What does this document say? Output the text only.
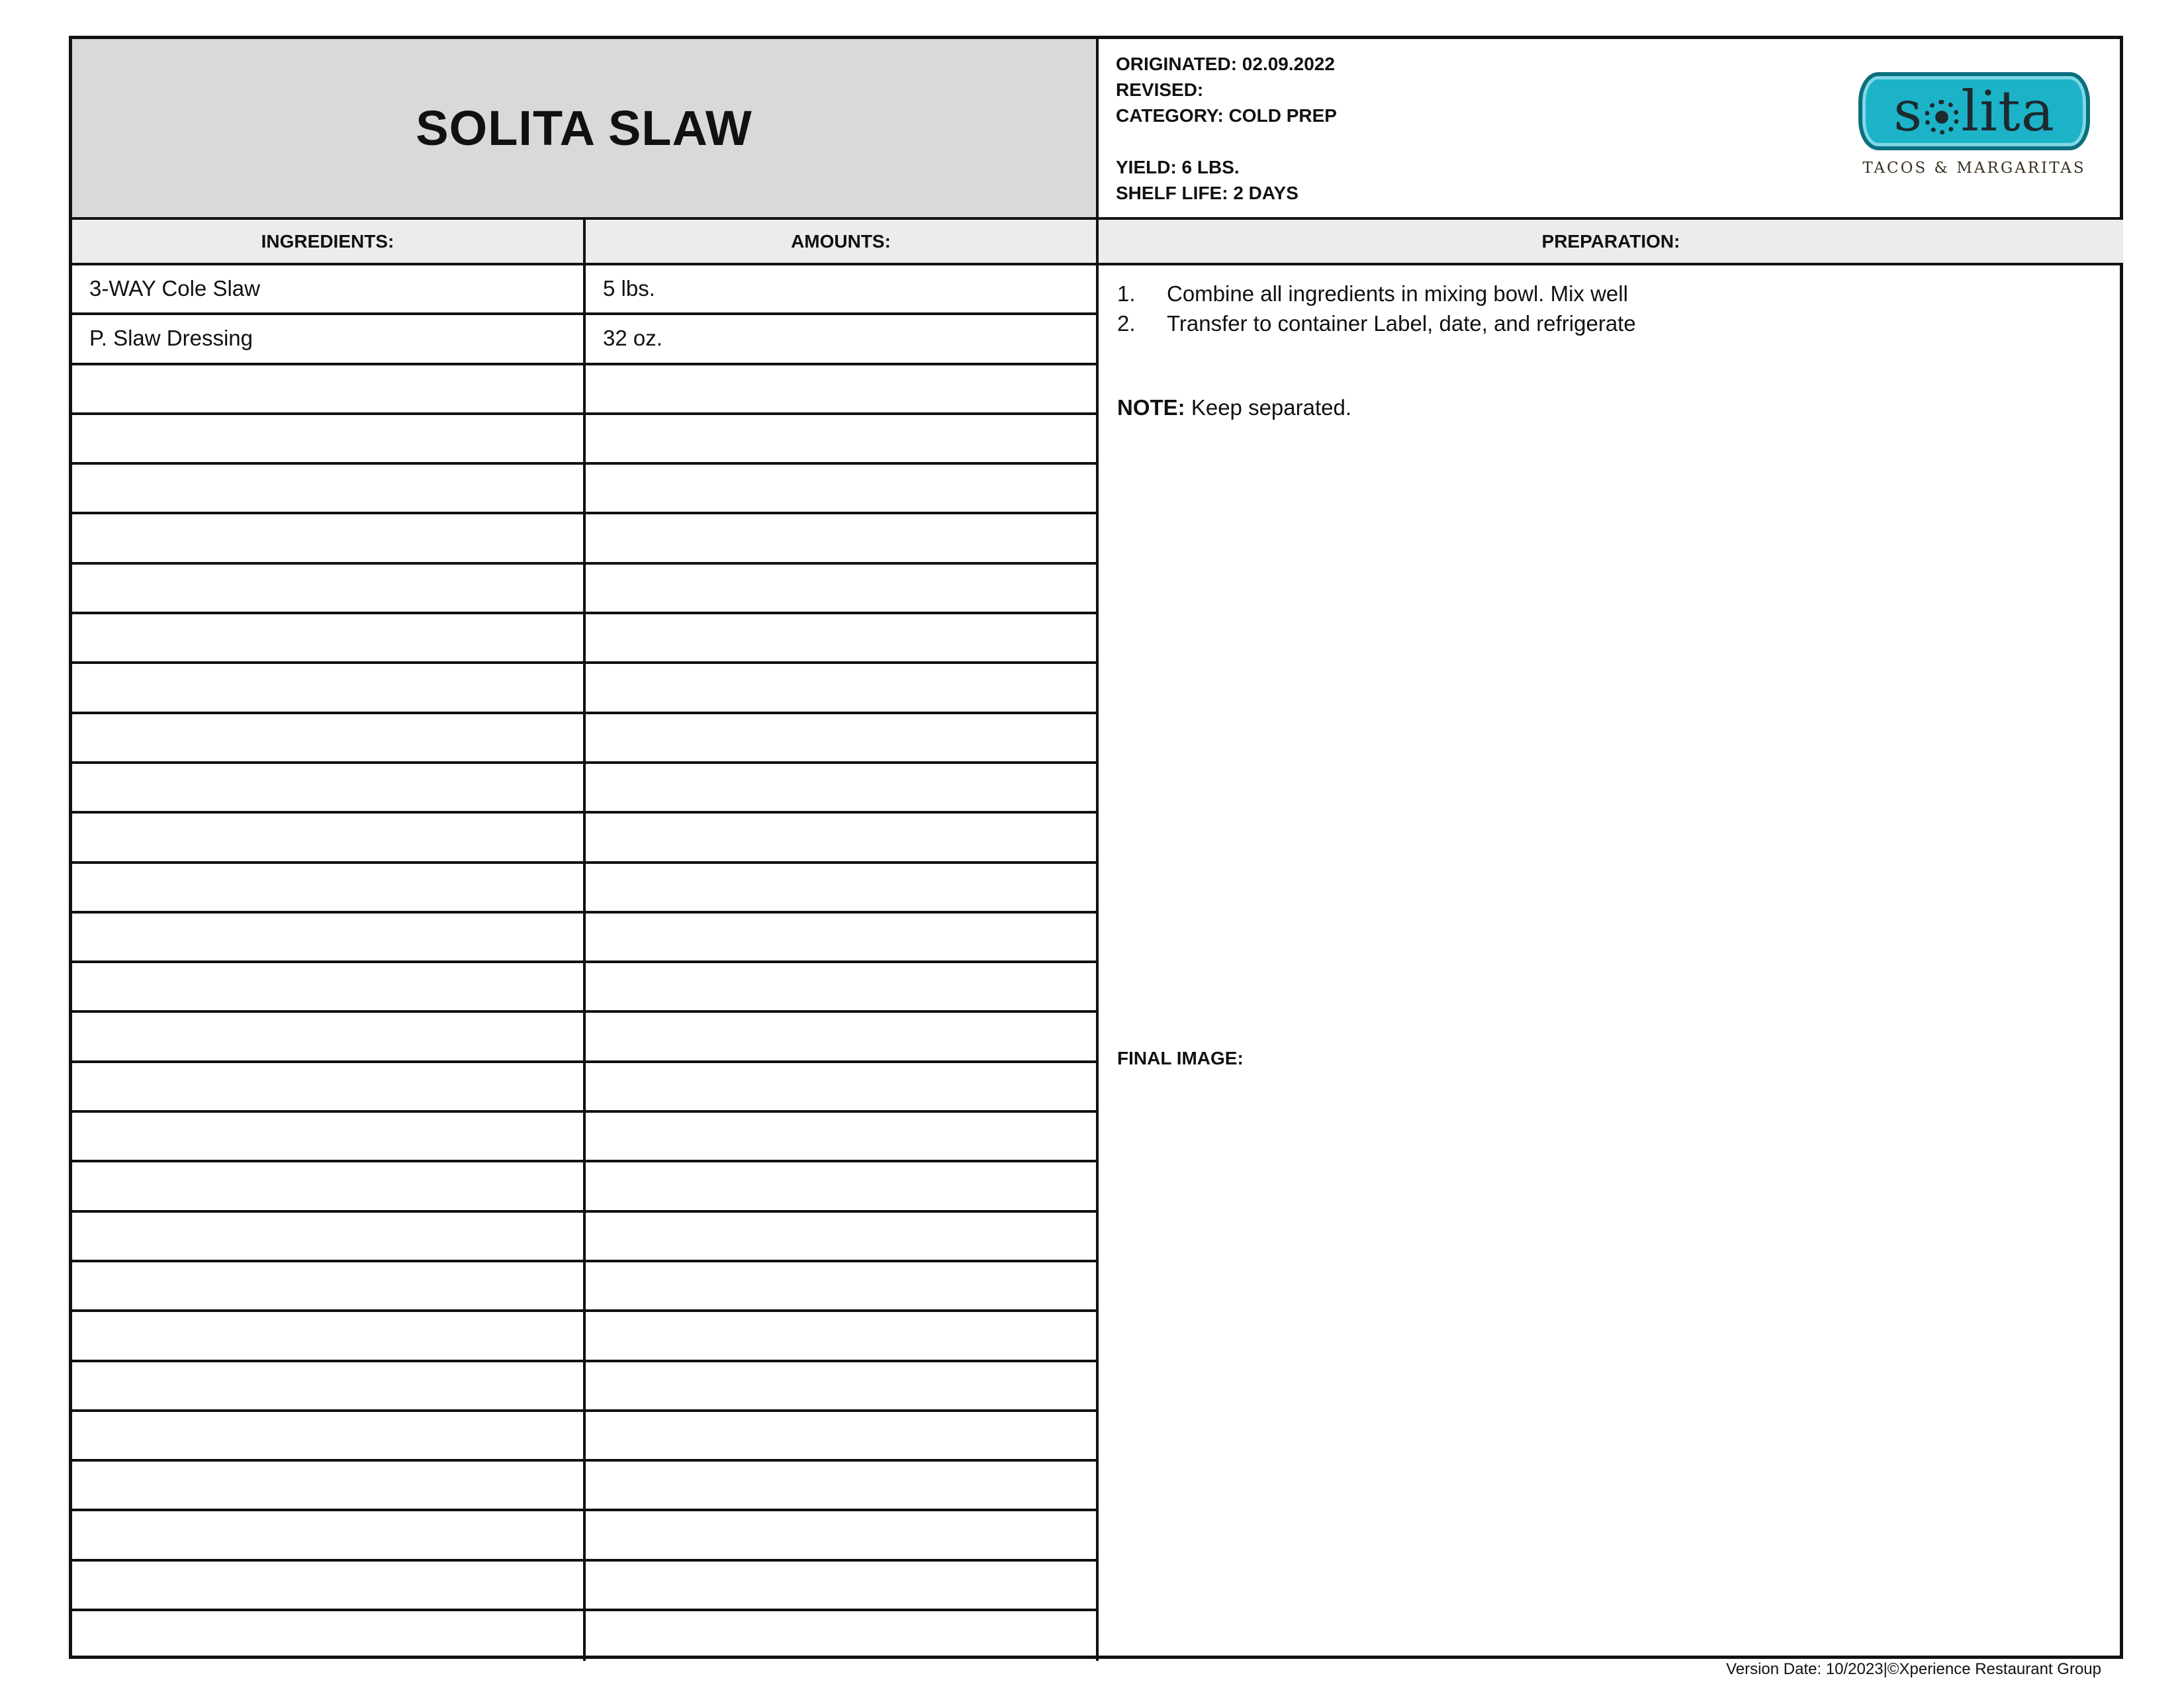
SOLITA SLAW
ORIGINATED: 02.09.2022
REVISED:
CATEGORY: COLD PREP
YIELD: 6 LBS.
SHELF LIFE: 2 DAYS
s lita
TACOS & MARGARITAS
INGREDIENTS:	AMOUNTS:	PREPARATION:
3-WAY Cole Slaw	5 lbs.
P. Slaw Dressing	32 oz.
1.	Combine all ingredients in mixing bowl. Mix well
2.	Transfer to container Label, date, and refrigerate
NOTE: Keep separated.
FINAL IMAGE:
Version Date: 10/2023|©Xperience Restaurant Group
